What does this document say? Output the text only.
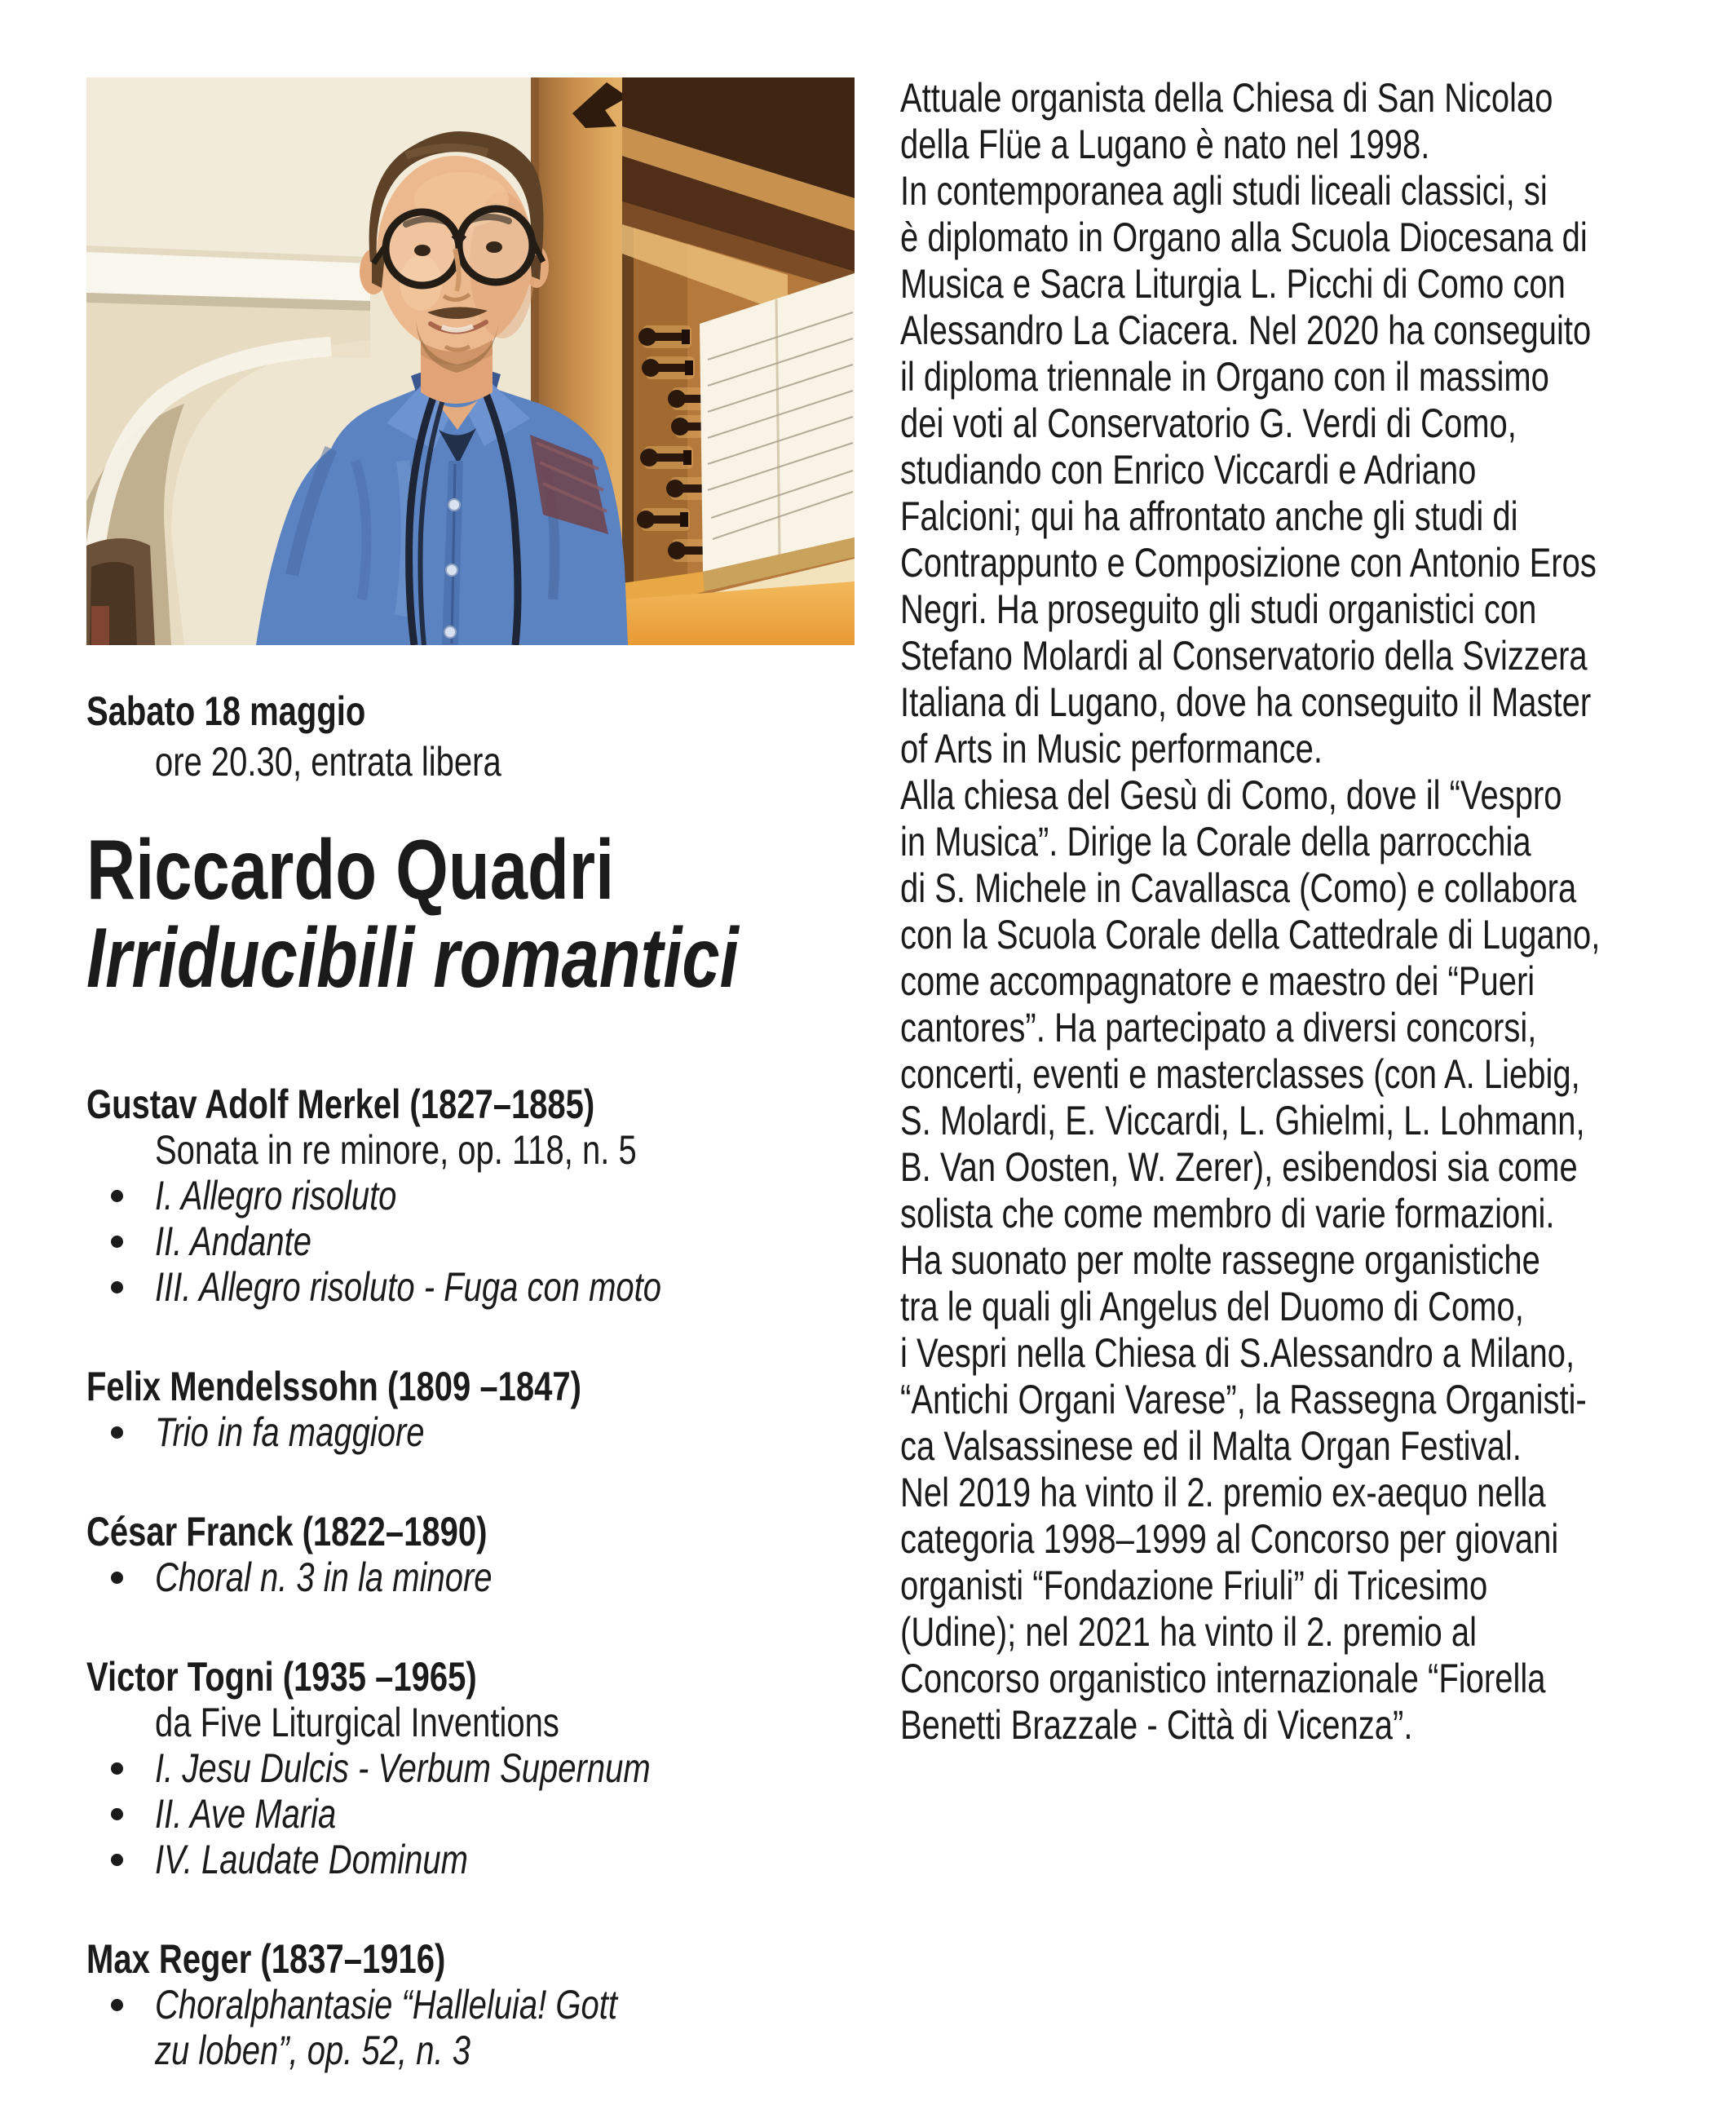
Sabato 18 maggio
ore 20.30, entrata libera
Riccardo Quadri
Irriducibili romantici
Gustav Adolf Merkel (1827–1885)
Sonata in re minore, op. 118, n. 5
I. Allegro risoluto
II. Andante
III. Allegro risoluto - Fuga con moto
Felix Mendelssohn (1809 –1847)
Trio in fa maggiore
César Franck (1822–1890)
Choral n. 3 in la minore
Victor Togni (1935 –1965)
da Five Liturgical Inventions
I. Jesu Dulcis - Verbum Supernum
II. Ave Maria
IV. Laudate Dominum
Max Reger (1837–1916)
Choralphantasie “Halleluia! Gott
zu loben”, op. 52, n. 3
Attuale organista della Chiesa di San Nicolao
della Flüe a Lugano è nato nel 1998.
In contemporanea agli studi liceali classici, si
è diplomato in Organo alla Scuola Diocesana di
Musica e Sacra Liturgia L. Picchi di Como con
Alessandro La Ciacera. Nel 2020 ha conseguito
il diploma triennale in Organo con il massimo
dei voti al Conservatorio G. Verdi di Como,
studiando con Enrico Viccardi e Adriano
Falcioni; qui ha affrontato anche gli studi di
Contrappunto e Composizione con Antonio Eros
Negri. Ha proseguito gli studi organistici con
Stefano Molardi al Conservatorio della Svizzera
Italiana di Lugano, dove ha conseguito il Master
of Arts in Music performance.
Alla chiesa del Gesù di Como, dove il “Vespro
in Musica”. Dirige la Corale della parrocchia
di S. Michele in Cavallasca (Como) e collabora
con la Scuola Corale della Cattedrale di Lugano,
come accompagnatore e maestro dei “Pueri
cantores”. Ha partecipato a diversi concorsi,
concerti, eventi e masterclasses (con A. Liebig,
S. Molardi, E. Viccardi, L. Ghielmi, L. Lohmann,
B. Van Oosten, W. Zerer), esibendosi sia come
solista che come membro di varie formazioni.
Ha suonato per molte rassegne organistiche
tra le quali gli Angelus del Duomo di Como,
i Vespri nella Chiesa di S.Alessandro a Milano,
“Antichi Organi Varese”, la Rassegna Organisti-
ca Valsassinese ed il Malta Organ Festival.
Nel 2019 ha vinto il 2. premio ex-aequo nella
categoria 1998–1999 al Concorso per giovani
organisti “Fondazione Friuli” di Tricesimo
(Udine); nel 2021 ha vinto il 2. premio al
Concorso organistico internazionale “Fiorella
Benetti Brazzale - Città di Vicenza”.
